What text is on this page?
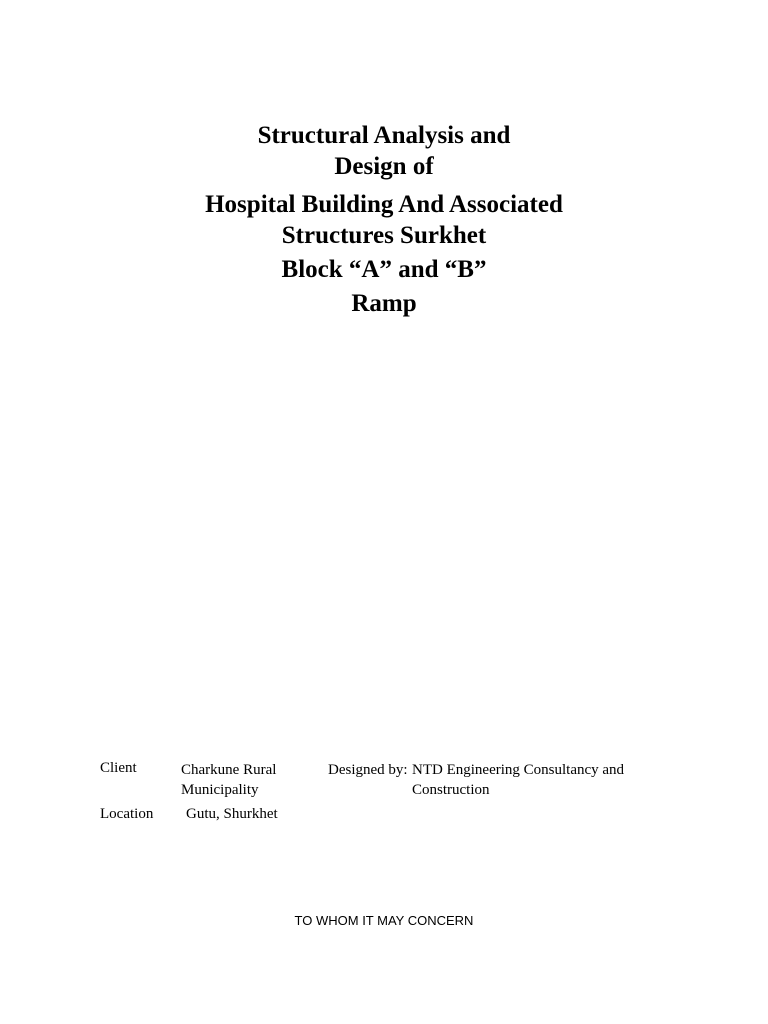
Structural Analysis and
Design of
Hospital Building And Associated
Structures Surkhet
Block “A” and “B”
Ramp
Client	Charkune Rural Municipality
Designed by: NTD Engineering Consultancy and Construction
Location Gutu, Shurkhet
TO WHOM IT MAY CONCERN
